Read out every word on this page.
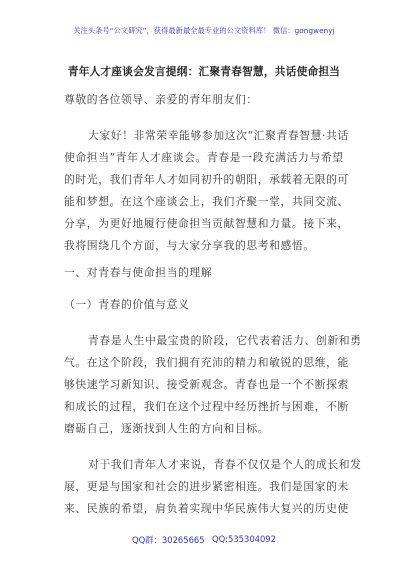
关注头条号“公文研究”，获得最新最全最专业的公文资料库！ 微信：gongwenyj
青年人才座谈会发言提纲：汇聚青春智慧，共话使命担当
尊敬的各位领导、亲爱的青年朋友们：
大家好！非常荣幸能够参加这次“汇聚青春智慧·共话
使命担当”青年人才座谈会。青春是一段充满活力与希望
的时光，我们青年人才如同初升的朝阳，承载着无限的可
能和梦想。在这个座谈会上，我们齐聚一堂，共同交流、
分享，为更好地履行使命担当贡献智慧和力量。接下来，
我将围绕几个方面，与大家分享我的思考和感悟。
一、对青春与使命担当的理解
（一）青春的价值与意义
青春是人生中最宝贵的阶段，它代表着活力、创新和勇
气。在这个阶段，我们拥有充沛的精力和敏锐的思维，能
够快速学习新知识、接受新观念。青春也是一个不断探索
和成长的过程，我们在这个过程中经历挫折与困难，不断
磨砺自己，逐渐找到人生的方向和目标。
对于我们青年人才来说，青春不仅仅是个人的成长和发
展，更是与国家和社会的进步紧密相连。我们是国家的未
来、民族的希望，肩负着实现中华民族伟大复兴的历史使
QQ群：30265665 QQ:535304092
